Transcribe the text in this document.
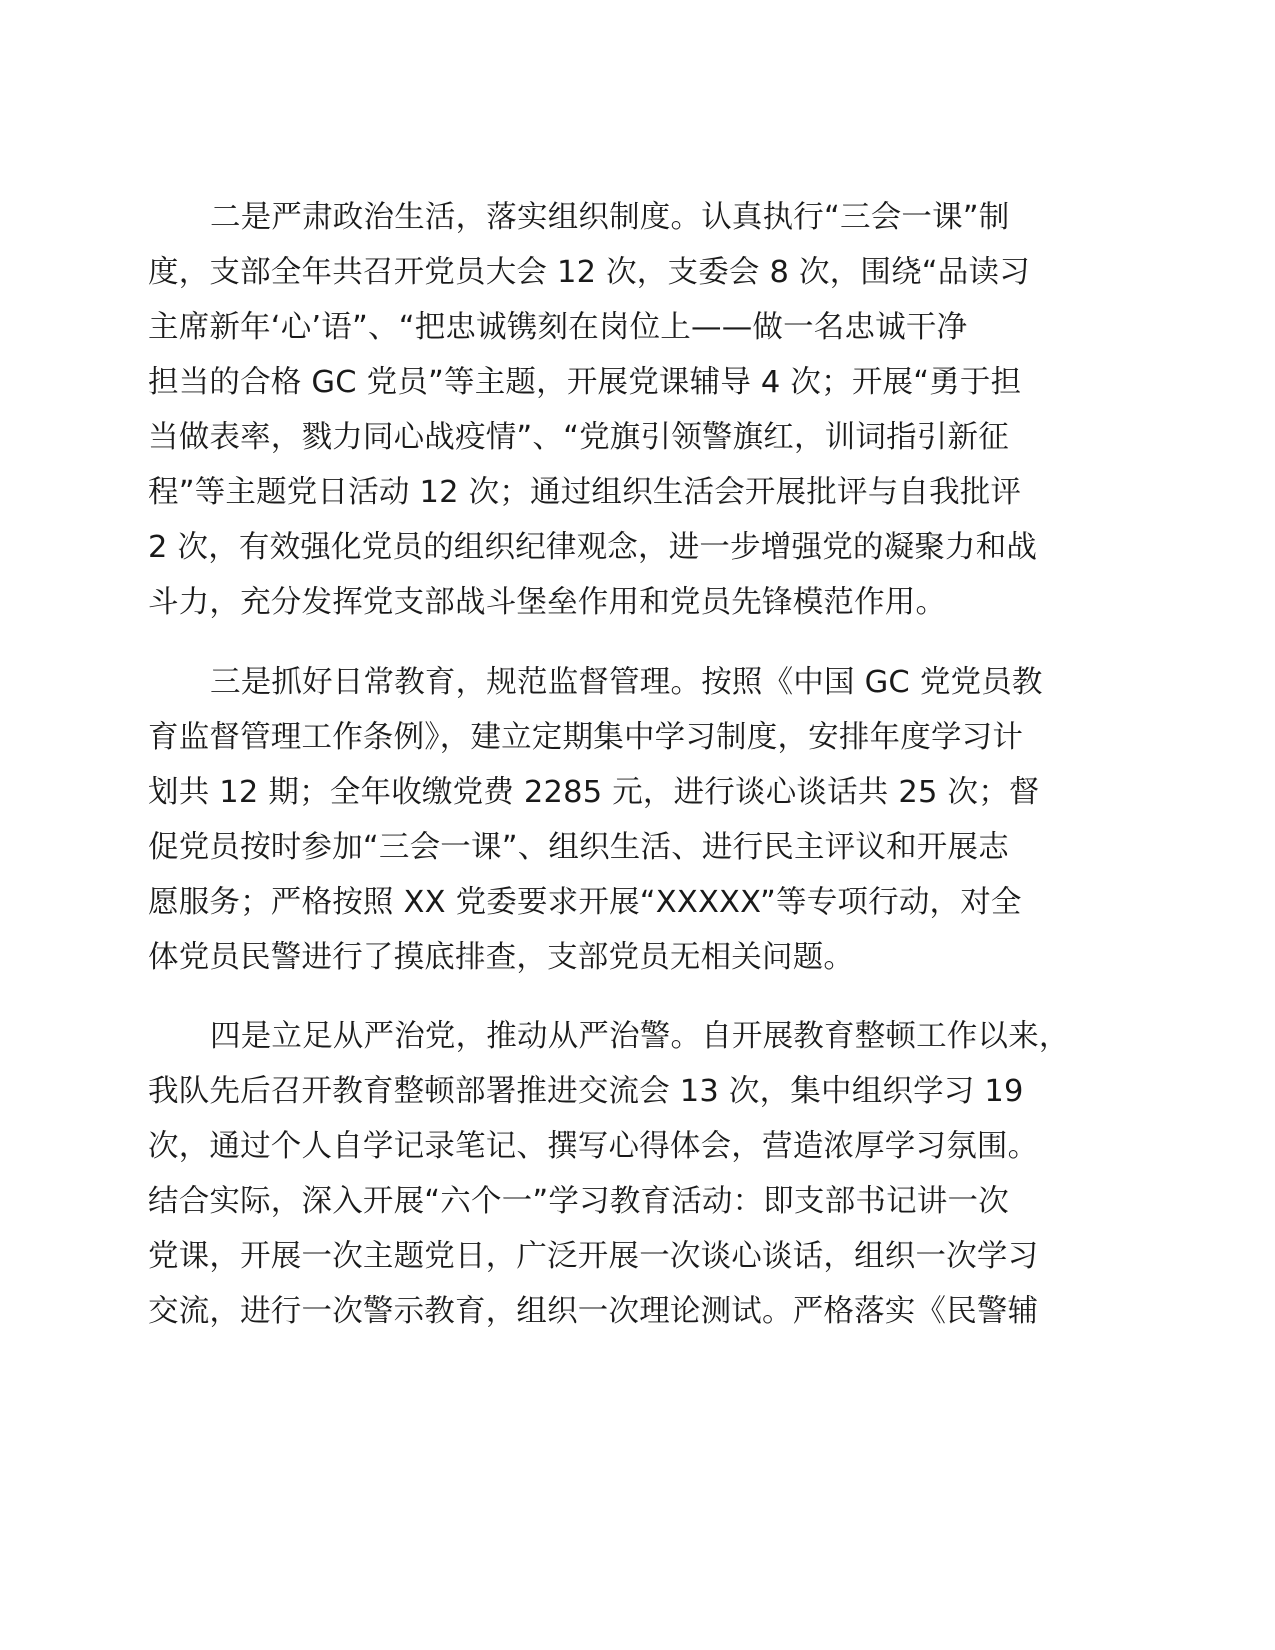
二是严肃政治生活，落实组织制度。认真执行“三会一课”制
度，支部全年共召开党员大会 12 次，支委会 8 次，围绕“品读习
主席新年‘心’语”、“把忠诚镌刻在岗位上——做一名忠诚干净
担当的合格 GC 党员”等主题，开展党课辅导 4 次；开展“勇于担
当做表率，戮力同心战疫情”、“党旗引领警旗红，训词指引新征
程”等主题党日活动 12 次；通过组织生活会开展批评与自我批评
2 次，有效强化党员的组织纪律观念，进一步增强党的凝聚力和战
斗力，充分发挥党支部战斗堡垒作用和党员先锋模范作用。
三是抓好日常教育，规范监督管理。按照《中国 GC 党党员教
育监督管理工作条例》，建立定期集中学习制度，安排年度学习计
划共 12 期；全年收缴党费 2285 元，进行谈心谈话共 25 次；督
促党员按时参加“三会一课”、组织生活、进行民主评议和开展志
愿服务；严格按照 XX 党委要求开展“XXXXX”等专项行动，对全
体党员民警进行了摸底排查，支部党员无相关问题。
四是立足从严治党，推动从严治警。自开展教育整顿工作以来，
我队先后召开教育整顿部署推进交流会 13 次，集中组织学习 19
次，通过个人自学记录笔记、撰写心得体会，营造浓厚学习氛围。
结合实际，深入开展“六个一”学习教育活动：即支部书记讲一次
党课，开展一次主题党日，广泛开展一次谈心谈话，组织一次学习
交流，进行一次警示教育，组织一次理论测试。严格落实《民警辅
